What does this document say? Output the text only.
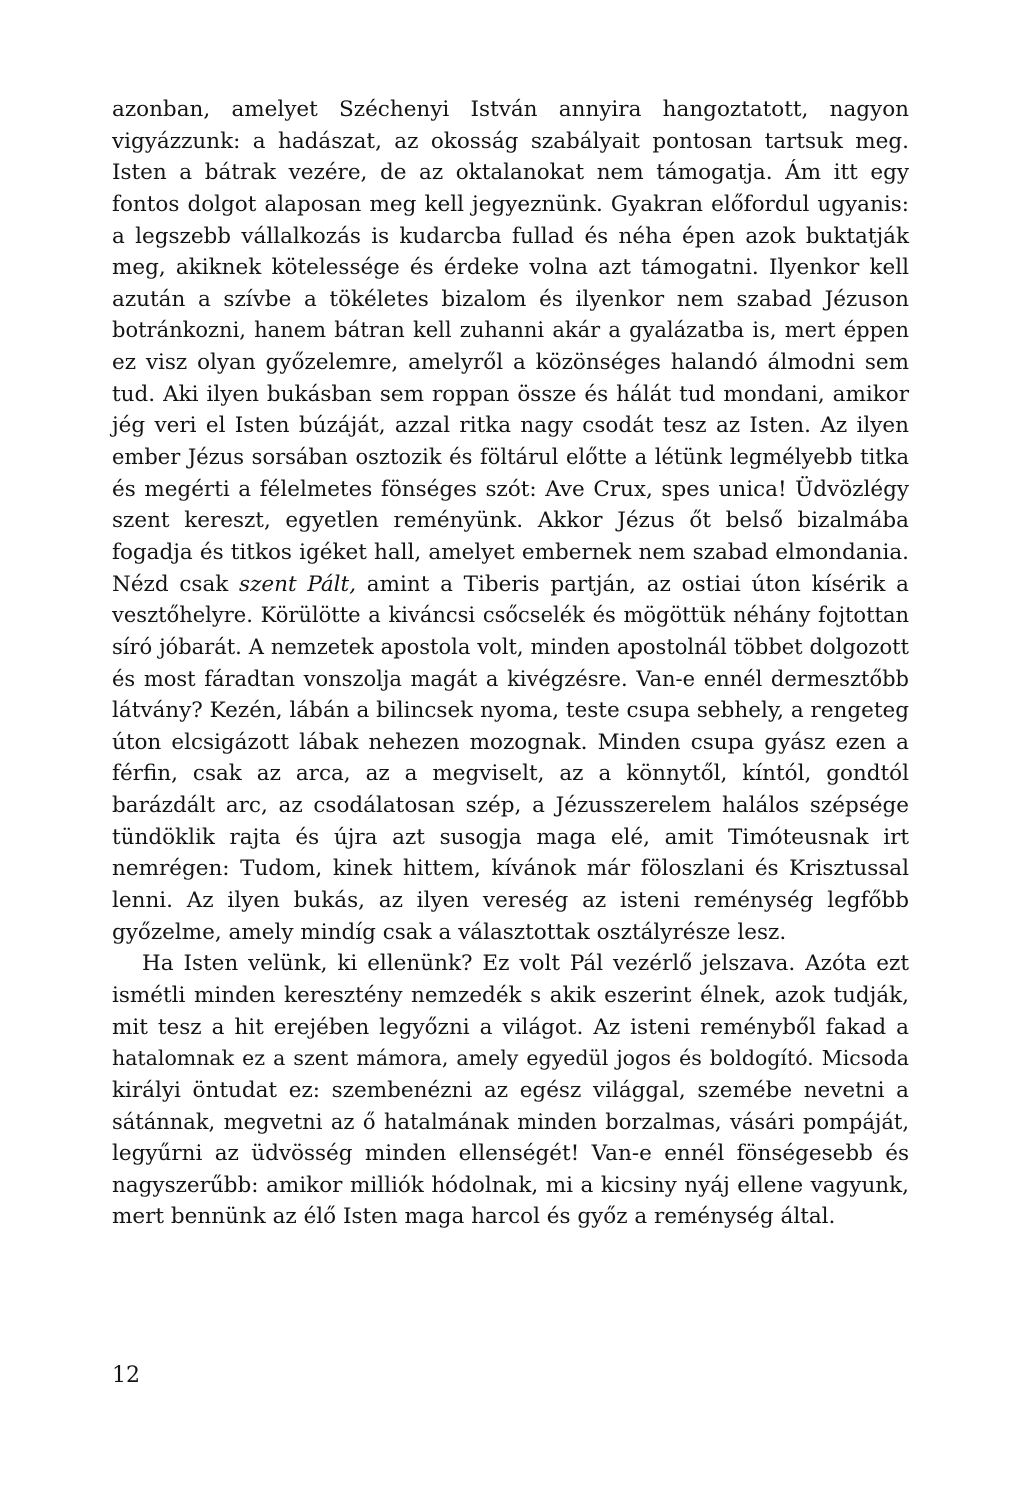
azonban, amelyet Széchenyi István annyira hangoztatott, nagyon
vigyázzunk: a hadászat, az okosság szabályait pontosan tartsuk meg.
Isten a bátrak vezére, de az oktalanokat nem támogatja. Ám itt egy
fontos dolgot alaposan meg kell jegyeznünk. Gyakran előfordul ugyanis:
a legszebb vállalkozás is kudarcba fullad és néha épen azok buktatják
meg, akiknek kötelessége és érdeke volna azt támogatni. Ilyenkor kell
azután a szívbe a tökéletes bizalom és ilyenkor nem szabad Jézuson
botránkozni, hanem bátran kell zuhanni akár a gyalázatba is, mert éppen
ez visz olyan győzelemre, amelyről a közönséges halandó álmodni sem
tud. Aki ilyen bukásban sem roppan össze és hálát tud mondani, amikor
jég veri el Isten búzáját, azzal ritka nagy csodát tesz az Isten. Az ilyen
ember Jézus sorsában osztozik és föltárul előtte a létünk legmélyebb titka
és megérti a félelmetes fönséges szót: Ave Crux, spes unica! Üdvözlégy
szent kereszt, egyetlen reményünk. Akkor Jézus őt belső bizalmába
fogadja és titkos igéket hall, amelyet embernek nem szabad elmondania.
Nézd csak szent Pált, amint a Tiberis partján, az ostiai úton kísérik a
vesztőhelyre. Körülötte a kiváncsi csőcselék és mögöttük néhány fojtottan
síró jóbarát. A nemzetek apostola volt, minden apostolnál többet dolgozott
és most fáradtan vonszolja magát a kivégzésre. Van-e ennél dermesztőbb
látvány? Kezén, lábán a bilincsek nyoma, teste csupa sebhely, a rengeteg
úton elcsigázott lábak nehezen mozognak. Minden csupa gyász ezen a
férfin, csak az arca, az a megviselt, az a könnytől, kíntól, gondtól
barázdált arc, az csodálatosan szép, a Jézusszerelem halálos szépsége
tündöklik rajta és újra azt susogja maga elé, amit Timóteusnak irt
nemrégen: Tudom, kinek hittem, kívánok már föloszlani és Krisztussal
lenni. Az ilyen bukás, az ilyen vereség az isteni reménység legfőbb
győzelme, amely mindíg csak a választottak osztályrésze lesz.
Ha Isten velünk, ki ellenünk? Ez volt Pál vezérlő jelszava. Azóta ezt
ismétli minden keresztény nemzedék s akik eszerint élnek, azok tudják,
mit tesz a hit erejében legyőzni a világot. Az isteni reményből fakad a
hatalomnak ez a szent mámora, amely egyedül jogos és boldogító. Micsoda
királyi öntudat ez: szembenézni az egész világgal, szemébe nevetni a
sátánnak, megvetni az ő hatalmának minden borzalmas, vásári pompáját,
legyűrni az üdvösség minden ellenségét! Van-e ennél fönségesebb és
nagyszerűbb: amikor milliók hódolnak, mi a kicsiny nyáj ellene vagyunk,
mert bennünk az élő Isten maga harcol és győz a reménység által.
12
